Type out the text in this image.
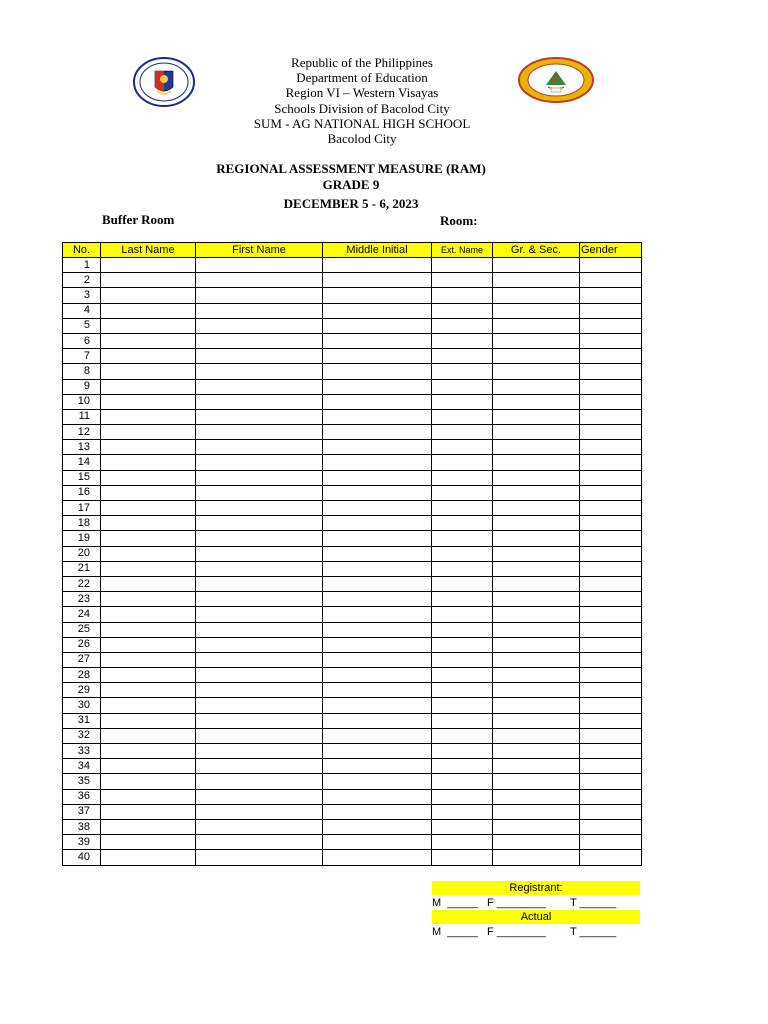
Republic of the Philippines
Department of Education
Region VI – Western Visayas
Schools Division of Bacolod City
SUM - AG NATIONAL HIGH SCHOOL
Bacolod City
REGIONAL ASSESSMENT MEASURE (RAM)
GRADE 9
DECEMBER 5 - 6, 2023
Buffer Room	Room:
No.	Last Name	First Name	Middle Initial	Ext. Name	Gr. & Sec.	Gender
1						
2						
3						
4						
5						
6						
7						
8						
9						
10						
11						
12						
13						
14						
15						
16						
17						
18						
19						
20						
21						
22						
23						
24						
25						
26						
27						
28						
29						
30						
31						
32						
33						
34						
35						
36						
37						
38						
39						
40						
Registrant:
M  _____   F ________        T ______
Actual
M  _____   F ________        T ______
